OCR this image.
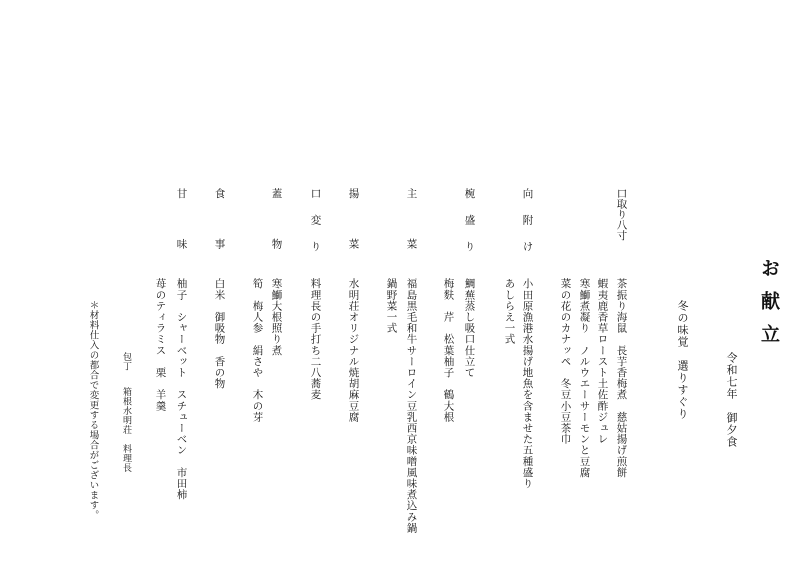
お献立
令和七年　御夕食
冬の味覚　選りすぐり
口取り八寸
茶振り海鼠　長芋香梅煮　慈姑揚げ煎餅
蝦夷鹿香草ロースト土佐酢ジュレ
寒鰤煮凝り　ノルウエーサーモンと豆腐
菜の花のカナッペ　冬豆小豆茶巾
向附け
小田原漁港水揚げ地魚を含ませた五種盛り
あしらえ一式
椀盛り
鯛蕪蒸し吸口仕立て
梅麩　芹　松葉柚子　鶴大根
主菜
福島黒毛和牛サーロイン豆乳西京味噌風味煮込み鍋
鍋野菜一式
揚菜
水明荘オリジナル焼胡麻豆腐
口変り
料理長の手打ち二八蕎麦
蓋物
寒鰤大根照り煮
筍　梅人参　絹さや　木の芽
食事
白米　御吸物　香の物
甘味
柚子　シャーベット　スチューベン　市田柿
苺のティラミス　栗　羊羹
包丁箱根水明荘　料理長
＊材料仕入の都合で変更する場合がございます。
